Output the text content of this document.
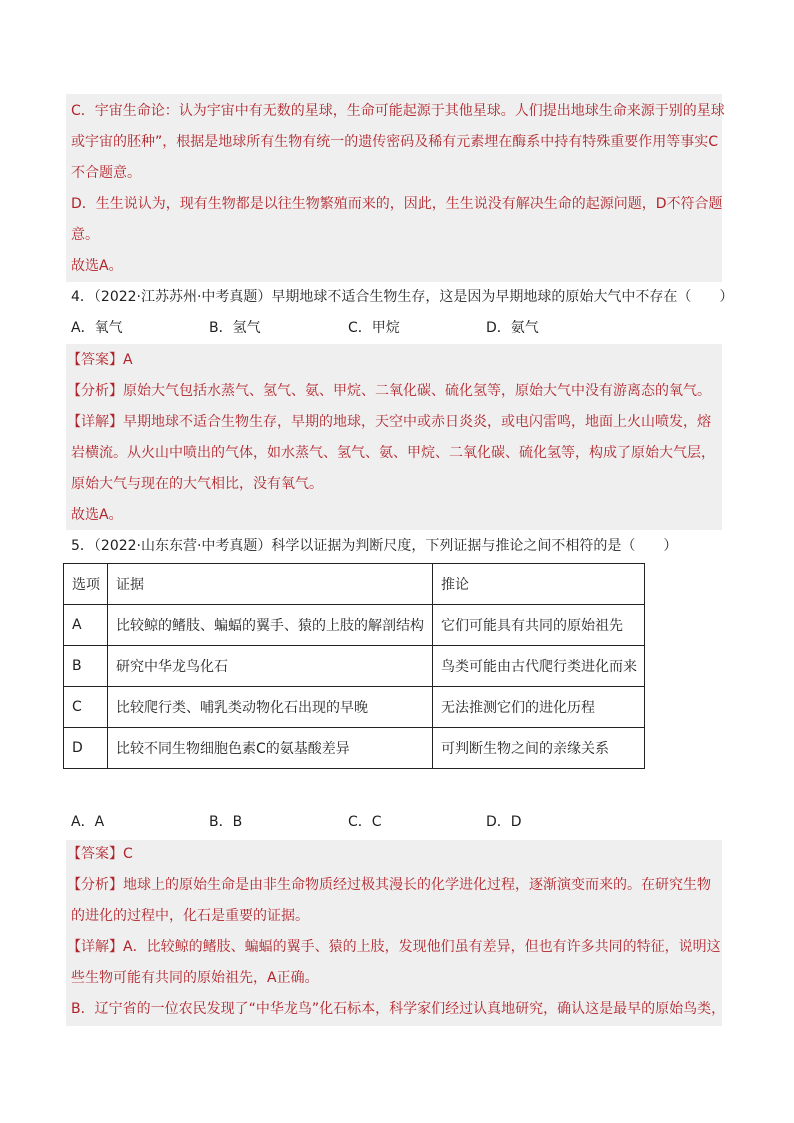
C．宇宙生命论：认为宇宙中有无数的星球，生命可能起源于其他星球。人们提出地球生命来源于别的星球
或宇宙的胚种”，根据是地球所有生物有统一的遗传密码及稀有元素埋在酶系中持有特殊重要作用等事实C
不合题意。
D．生生说认为，现有生物都是以往生物繁殖而来的，因此，生生说没有解决生命的起源问题，D不符合题
意。
故选A。
4．（2022·江苏苏州·中考真题）早期地球不适合生物生存，这是因为早期地球的原始大气中不存在（　　）
A．氧气	B．氢气	C．甲烷	D．氨气
【答案】A
【分析】原始大气包括水蒸气、氢气、氨、甲烷、二氧化碳、硫化氢等，原始大气中没有游离态的氧气。
【详解】早期地球不适合生物生存，早期的地球，天空中或赤日炎炎，或电闪雷鸣，地面上火山喷发，熔
岩横流。从火山中喷出的气体，如水蒸气、氢气、氨、甲烷、二氧化碳、硫化氢等，构成了原始大气层，
原始大气与现在的大气相比，没有氧气。
故选A。
5．（2022·山东东营·中考真题）科学以证据为判断尺度，下列证据与推论之间不相符的是（　　）
选项	证据	推论
A	比较鲸的鳍肢、蝙蝠的翼手、猿的上肢的解剖结构	它们可能具有共同的原始祖先
B	研究中华龙鸟化石	鸟类可能由古代爬行类进化而来
C	比较爬行类、哺乳类动物化石出现的早晚	无法推测它们的进化历程
D	比较不同生物细胞色素C的氨基酸差异	可判断生物之间的亲缘关系
A．A	B．B	C．C	D．D
【答案】C
【分析】地球上的原始生命是由非生命物质经过极其漫长的化学进化过程，逐渐演变而来的。在研究生物
的进化的过程中，化石是重要的证据。
【详解】A．比较鲸的鳍肢、蝙蝠的翼手、猿的上肢，发现他们虽有差异，但也有许多共同的特征，说明这
些生物可能有共同的原始祖先，A正确。
B．辽宁省的一位农民发现了“中华龙鸟”化石标本，科学家们经过认真地研究，确认这是最早的原始鸟类，
